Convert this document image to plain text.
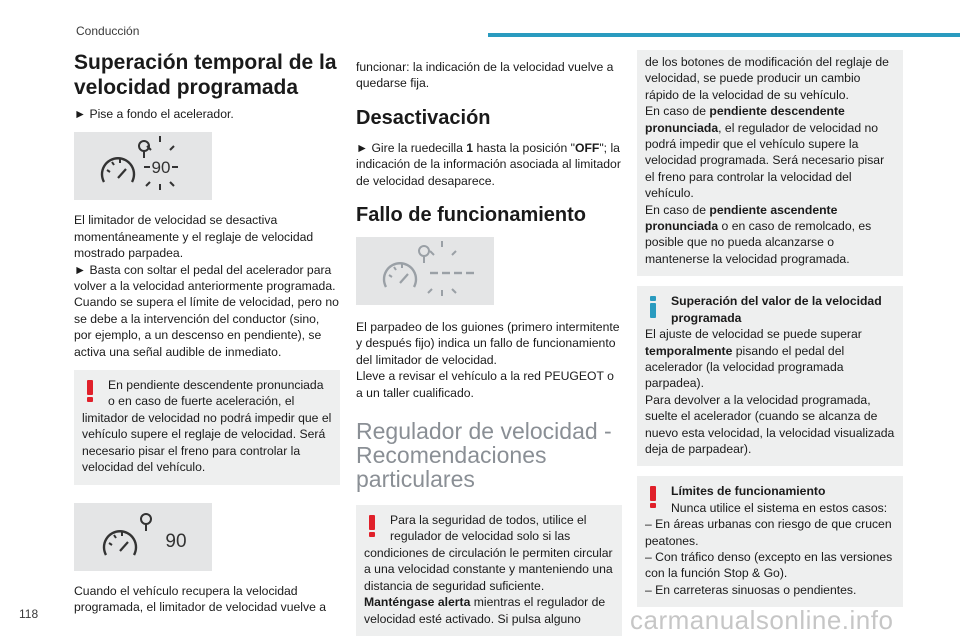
Conducción
Superación temporal de la velocidad programada

► Pise a fondo el acelerador.

90

El limitador de velocidad se desactiva momentáneamente y el reglaje de velocidad mostrado parpadea.

► Basta con soltar el pedal del acelerador para volver a la velocidad anteriormente programada.

Cuando se supera el límite de velocidad, pero no se debe a la intervención del conductor (sino, por ejemplo, a un descenso en pendiente), se activa una señal audible de inmediato.

En pendiente descendente pronunciada o en caso de fuerte aceleración, el
limitador de velocidad no podrá impedir que el vehículo supere el reglaje de velocidad. Será necesario pisar el freno para controlar la velocidad del vehículo.
90

Cuando el vehículo recupera la velocidad programada, el limitador de velocidad vuelve a

funcionar: la indicación de la velocidad vuelve a quedarse fija.

Desactivación

► Gire la ruedecilla 1 hasta la posición "OFF"; la indicación de la información asociada al limitador de velocidad desaparece.

Fallo de funcionamiento

El parpadeo de los guiones (primero intermitente y después fijo) indica un fallo de funcionamiento del limitador de velocidad.

Lleve a revisar el vehículo a la red PEUGEOT o a un taller cualificado.

Regulador de velocidad - Recomendaciones particulares
Para la seguridad de todos, utilice el regulador de velocidad solo si las
condiciones de circulación le permiten circular a una velocidad constante y manteniendo una distancia de seguridad suficiente.
Manténgase alerta mientras el regulador de velocidad esté activado. Si pulsa alguno

de los botones de modificación del reglaje de velocidad, se puede producir un cambio rápido de la velocidad de su vehículo.

En caso de pendiente descendente pronunciada, el regulador de velocidad no podrá impedir que el vehículo supere la velocidad programada. Será necesario pisar el freno para controlar la velocidad del vehículo.

En caso de pendiente ascendente pronunciada o en caso de remolcado, es posible que no pueda alcanzarse o mantenerse la velocidad programada.

Superación del valor de la velocidad programada

El ajuste de velocidad se puede superar temporalmente pisando el pedal del acelerador (la velocidad programada parpadea).

Para devolver a la velocidad programada, suelte el acelerador (cuando se alcanza de nuevo esta velocidad, la velocidad visualizada deja de parpadear).

Límites de funcionamiento
Nunca utilice el sistema en estos casos:

– En áreas urbanas con riesgo de que crucen peatones.

– Con tráfico denso (excepto en las versiones con la función Stop & Go).

– En carreteras sinuosas o pendientes.

118	carmanualsonline.info
